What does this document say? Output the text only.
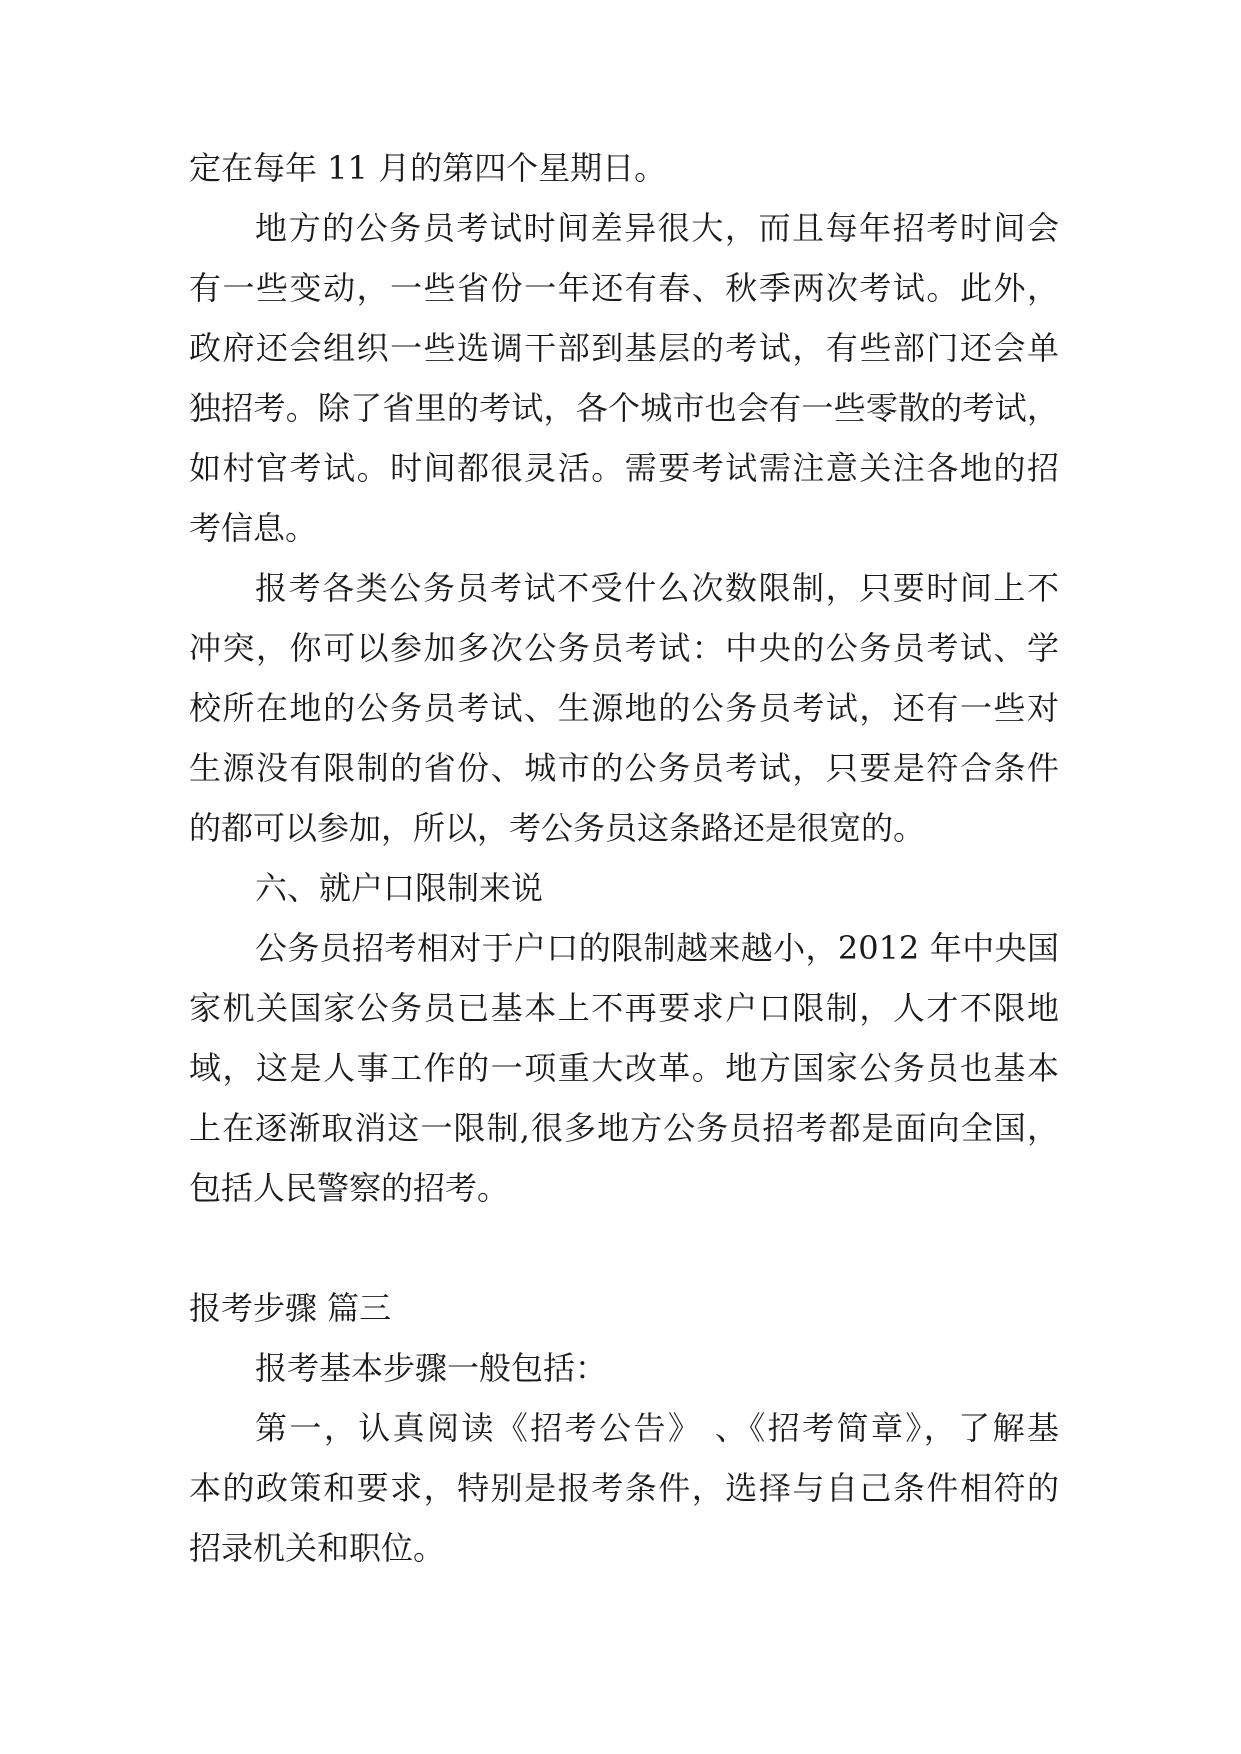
定在每年 11 月的第四个星期日。
地方的公务员考试时间差异很大，而且每年招考时间会
有一些变动，一些省份一年还有春、秋季两次考试。此外，
政府还会组织一些选调干部到基层的考试，有些部门还会单
独招考。除了省里的考试，各个城市也会有一些零散的考试，
如村官考试。时间都很灵活。需要考试需注意关注各地的招
考信息。
报考各类公务员考试不受什么次数限制，只要时间上不
冲突，你可以参加多次公务员考试：中央的公务员考试、学
校所在地的公务员考试、生源地的公务员考试，还有一些对
生源没有限制的省份、城市的公务员考试，只要是符合条件
的都可以参加，所以，考公务员这条路还是很宽的。
六、就户口限制来说
公务员招考相对于户口的限制越来越小，2012 年中央国
家机关国家公务员已基本上不再要求户口限制，人才不限地
域，这是人事工作的一项重大改革。地方国家公务员也基本
上在逐渐取消这一限制,很多地方公务员招考都是面向全国，
包括人民警察的招考。
报考步骤 篇三
报考基本步骤一般包括：
第一，认真阅读《招考公告》 、《招考简章》，了解基
本的政策和要求，特别是报考条件，选择与自己条件相符的
招录机关和职位。
